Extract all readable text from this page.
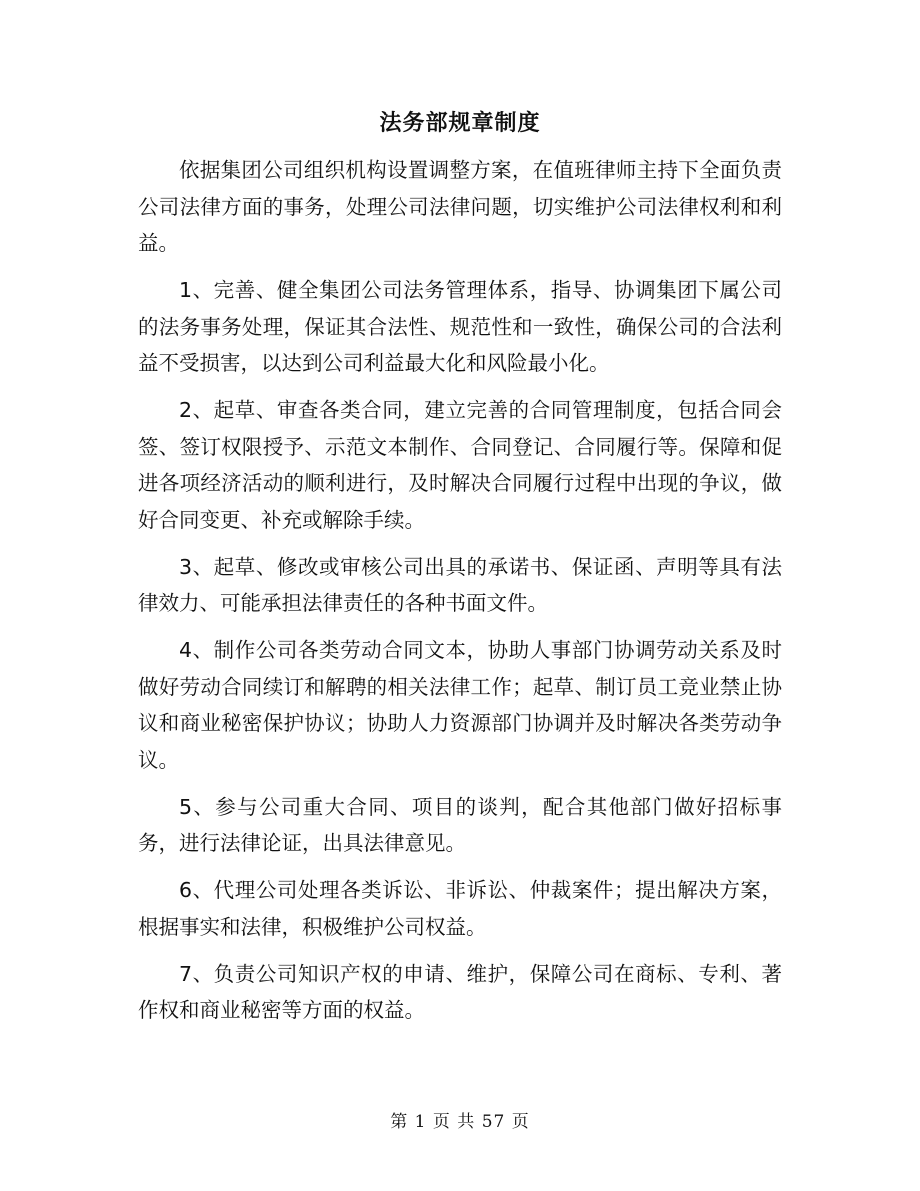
法务部规章制度

依据集团公司组织机构设置调整方案，在值班律师主持下全面负责公司法律方面的事务，处理公司法律问题，切实维护公司法律权利和利益。

1、完善、健全集团公司法务管理体系，指导、协调集团下属公司的法务事务处理，保证其合法性、规范性和一致性，确保公司的合法利益不受损害，以达到公司利益最大化和风险最小化。

2、起草、审查各类合同，建立完善的合同管理制度，包括合同会签、签订权限授予、示范文本制作、合同登记、合同履行等。保障和促进各项经济活动的顺利进行，及时解决合同履行过程中出现的争议，做好合同变更、补充或解除手续。

3、起草、修改或审核公司出具的承诺书、保证函、声明等具有法律效力、可能承担法律责任的各种书面文件。

4、制作公司各类劳动合同文本，协助人事部门协调劳动关系及时做好劳动合同续订和解聘的相关法律工作；起草、制订员工竞业禁止协议和商业秘密保护协议；协助人力资源部门协调并及时解决各类劳动争议。

5、参与公司重大合同、项目的谈判，配合其他部门做好招标事务，进行法律论证，出具法律意见。

6、代理公司处理各类诉讼、非诉讼、仲裁案件；提出解决方案，根据事实和法律，积极维护公司权益。

7、负责公司知识产权的申请、维护，保障公司在商标、专利、著作权和商业秘密等方面的权益。

第 1 页 共 57 页
